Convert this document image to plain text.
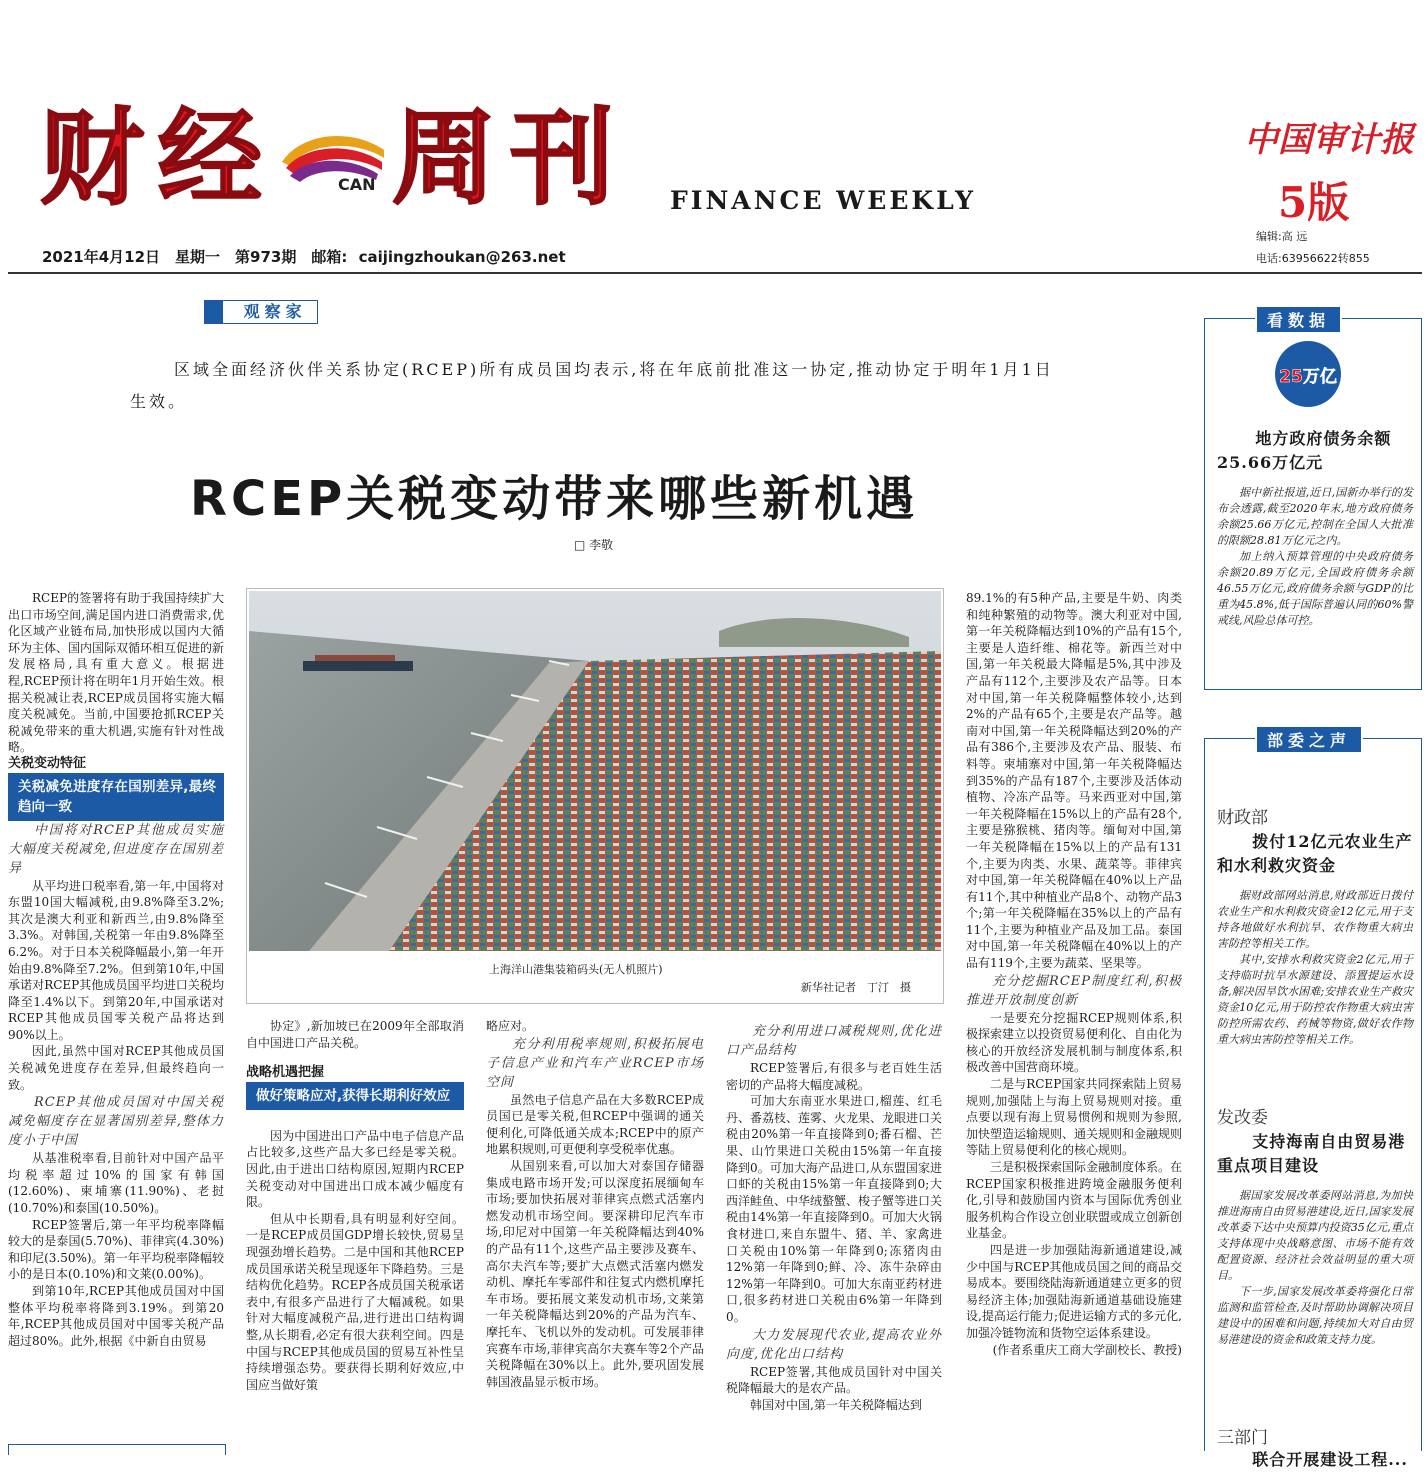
财 经 周 刊
CAN
FINANCE WEEKLY
中国审计报
5版
编辑:高 远
电话:63956622转855
2021年4月12日　星期一　第973期　邮箱: caijingzhoukan@263.net
观察家
区域全面经济伙伴关系协定(RCEP)所有成员国均表示,将在年底前批准这一协定,推动协定于明年1月1日生效。
RCEP关税变动带来哪些新机遇
□ 李敬

RCEP的签署将有助于我国持续扩大出口市场空间,满足国内进口消费需求,优化区域产业链布局,加快形成以国内大循环为主体、国内国际双循环相互促进的新发展格局,具有重大意义。根据进程,RCEP预计将在明年1月开始生效。根据关税减让表,RCEP成员国将实施大幅度关税减免。当前,中国要抢抓RCEP关税减免带来的重大机遇,实施有针对性战略。

关税变动特征

关税减免进度存在国别差异,最终趋向一致

中国将对RCEP其他成员实施大幅度关税减免,但进度存在国别差异

从平均进口税率看,第一年,中国将对东盟10国大幅减税,由9.8%降至3.2%;其次是澳大利亚和新西兰,由9.8%降至3.3%。对韩国,关税第一年由9.8%降至6.2%。对于日本关税降幅最小,第一年开始由9.8%降至7.2%。但到第10年,中国承诺对RCEP其他成员国平均进口关税均降至1.4%以下。到第20年,中国承诺对RCEP其他成员国零关税产品将达到90%以上。

因此,虽然中国对RCEP其他成员国关税减免进度存在差异,但最终趋向一致。

RCEP其他成员国对中国关税减免幅度存在显著国别差异,整体力度小于中国

从基准税率看,目前针对中国产品平均税率超过10%的国家有韩国(12.60%)、柬埔寨(11.90%)、老挝(10.70%)和泰国(10.50%)。

RCEP签署后,第一年平均税率降幅较大的是泰国(5.70%)、菲律宾(4.30%)和印尼(3.50%)。第一年平均税率降幅较小的是日本(0.10%)和文莱(0.00%)。

到第10年,RCEP其他成员国对中国整体平均税率将降到3.19%。到第20年,RCEP其他成员国对中国零关税产品超过80%。此外,根据《中新自由贸易

上海洋山港集装箱码头(无人机照片)
新华社记者　丁汀　摄

协定》,新加坡已在2009年全部取消自中国进口产品关税。

战略机遇把握

做好策略应对,获得长期利好效应

因为中国进出口产品中电子信息产品占比较多,这些产品大多已经是零关税。因此,由于进出口结构原因,短期内RCEP关税变动对中国进出口成本减少幅度有限。

但从中长期看,具有明显利好空间。一是RCEP成员国GDP增长较快,贸易呈现强劲增长趋势。二是中国和其他RCEP成员国承诺关税呈现逐年下降趋势。三是结构优化趋势。RCEP各成员国关税承诺表中,有很多产品进行了大幅减税。如果针对大幅度减税产品,进行进出口结构调整,从长期看,必定有很大获利空间。四是中国与RCEP其他成员国的贸易互补性呈持续增强态势。要获得长期利好效应,中国应当做好策

略应对。

充分利用税率规则,积极拓展电子信息产业和汽车产业RCEP市场空间

虽然电子信息产品在大多数RCEP成员国已是零关税,但RCEP中强调的通关便利化,可降低通关成本;RCEP中的原产地累积规则,可更便利享受税率优惠。

从国别来看,可以加大对泰国存储器集成电路市场开发;可以深度拓展缅甸车市场;要加快拓展对菲律宾点燃式活塞内燃发动机市场空间。要深耕印尼汽车市场,印尼对中国第一年关税降幅达到40%的产品有11个,这些产品主要涉及赛车、高尔夫汽车等;要扩大点燃式活塞内燃发动机、摩托车零部件和往复式内燃机摩托车市场。要拓展文莱发动机市场,文莱第一年关税降幅达到20%的产品为汽车、摩托车、飞机以外的发动机。可发展菲律宾赛车市场,菲律宾高尔夫赛车等2个产品关税降幅在30%以上。此外,要巩固发展韩国液晶显示板市场。

充分利用进口减税规则,优化进口产品结构

RCEP签署后,有很多与老百姓生活密切的产品将大幅度减税。

可加大东南亚水果进口,榴莲、红毛丹、番荔枝、莲雾、火龙果、龙眼进口关税由20%第一年直接降到0;番石榴、芒果、山竹果进口关税由15%第一年直接降到0。可加大海产品进口,从东盟国家进口虾的关税由15%第一年直接降到0;大西洋鲑鱼、中华绒螯蟹、梭子蟹等进口关税由14%第一年直接降到0。可加大火锅食材进口,来自东盟牛、猪、羊、家禽进口关税由10%第一年降到0;冻猪肉由12%第一年降到0;鲜、冷、冻牛杂碎由12%第一年降到0。可加大东南亚药材进口,很多药材进口关税由6%第一年降到0。

大力发展现代农业,提高农业外向度,优化出口结构

RCEP签署,其他成员国针对中国关税降幅最大的是农产品。

韩国对中国,第一年关税降幅达到

89.1%的有5种产品,主要是牛奶、肉类和纯种繁殖的动物等。澳大利亚对中国,第一年关税降幅达到10%的产品有15个,主要是人造纤维、棉花等。新西兰对中国,第一年关税最大降幅是5%,其中涉及产品有112个,主要涉及农产品等。日本对中国,第一年关税降幅整体较小,达到2%的产品有65个,主要是农产品等。越南对中国,第一年关税降幅达到20%的产品有386个,主要涉及农产品、服装、布料等。柬埔寨对中国,第一年关税降幅达到35%的产品有187个,主要涉及活体动植物、冷冻产品等。马来西亚对中国,第一年关税降幅在15%以上的产品有28个,主要是猕猴桃、猪肉等。缅甸对中国,第一年关税降幅在15%以上的产品有131个,主要为肉类、水果、蔬菜等。菲律宾对中国,第一年关税降幅在40%以上产品有11个,其中种植业产品8个、动物产品3个;第一年关税降幅在35%以上的产品有11个,主要为种植业产品及加工品。泰国对中国,第一年关税降幅在40%以上的产品有119个,主要为蔬菜、坚果等。

充分挖掘RCEP制度红利,积极推进开放制度创新

一是要充分挖掘RCEP规则体系,积极探索建立以投资贸易便利化、自由化为核心的开放经济发展机制与制度体系,积极改善中国营商环境。

二是与RCEP国家共同探索陆上贸易规则,加强陆上与海上贸易规则对接。重点要以现有海上贸易惯例和规则为参照,加快塑造运输规则、通关规则和金融规则等陆上贸易便利化的核心规则。

三是积极探索国际金融制度体系。在RCEP国家积极推进跨境金融服务便利化,引导和鼓励国内资本与国际优秀创业服务机构合作设立创业联盟或成立创新创业基金。

四是进一步加强陆海新通道建设,减少中国与RCEP其他成员国之间的商品交易成本。要围绕陆海新通道建立更多的贸易经济主体;加强陆海新通道基础设施建设,提高运行能力;促进运输方式的多元化,加强冷链物流和货物空运体系建设。

(作者系重庆工商大学副校长、教授)

看数据
25万亿
地方政府债务余额25.66万亿元

据中新社报道,近日,国新办举行的发布会透露,截至2020年末,地方政府债务余额25.66万亿元,控制在全国人大批准的限额28.81万亿元之内。

加上纳入预算管理的中央政府债务余额20.89万亿元,全国政府债务余额46.55万亿元,政府债务余额与GDP的比重为45.8%,低于国际普遍认同的60%警戒线,风险总体可控。

部委之声
财政部
拨付12亿元农业生产和水利救灾资金

据财政部网站消息,财政部近日拨付农业生产和水利救灾资金12亿元,用于支持各地做好水利抗旱、农作物重大病虫害防控等相关工作。

其中,安排水利救灾资金2亿元,用于支持临时抗旱水源建设、添置提运水设备,解决因旱饮水困难;安排农业生产救灾资金10亿元,用于防控农作物重大病虫害防控所需农药、药械等物资,做好农作物重大病虫害防控等相关工作。

发改委
支持海南自由贸易港重点项目建设

据国家发展改革委网站消息,为加快推进海南自由贸易港建设,近日,国家发展改革委下达中央预算内投资35亿元,重点支持体现中央战略意图、市场不能有效配置资源、经济社会效益明显的重大项目。

下一步,国家发展改革委将强化日常监测和监管检查,及时帮助协调解决项目建设中的困难和问题,持续加大对自由贸易港建设的资金和政策支持力度。

三部门
联合开展建设工程...
